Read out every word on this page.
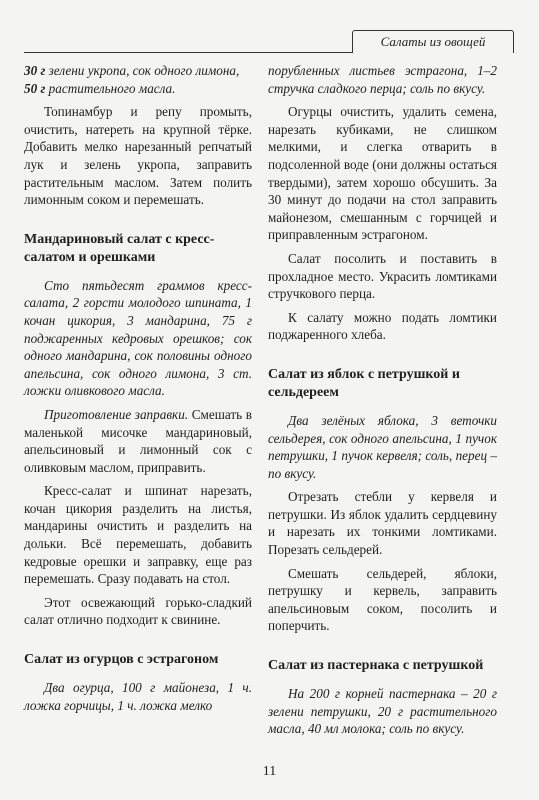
Салаты из овощей

30 г зелени укропа, сок одного лимона,
50 г растительного масла.

Топинамбур и репу промыть, очистить, натереть на крупной тёрке. Добавить мелко нарезанный репчатый лук и зелень укропа, заправить растительным маслом. Затем полить лимонным соком и перемешать.

Мандариновый салат с кресс-салатом и орешками

Сто пятьдесят граммов кресс-салата, 2 горсти молодого шпината, 1 кочан цикория, 3 мандарина, 75 г поджаренных кедровых орешков; сок одного мандарина, сок половины одного апельсина, сок одного лимона, 3 ст. ложки оливкового масла.

Приготовление заправки. Смешать в маленькой мисочке мандариновый, апельсиновый и лимонный сок с оливковым маслом, приправить.

Кресс-салат и шпинат нарезать, кочан цикория разделить на листья, мандарины очистить и разделить на дольки. Всё перемешать, добавить кедровые орешки и заправку, еще раз перемешать. Сразу подавать на стол.

Этот освежающий горько-сладкий салат отлично подходит к свинине.

Салат из огурцов с эстрагоном

Два огурца, 100 г майонеза, 1 ч. ложка горчицы, 1 ч. ложка мелко

порубленных листьев эстрагона, 1–2 стручка сладкого перца; соль по вкусу.

Огурцы очистить, удалить семена, нарезать кубиками, не слишком мелкими, и слегка отварить в подсоленной воде (они должны остаться твердыми), затем хорошо обсушить. За 30 минут до подачи на стол заправить майонезом, смешанным с горчицей и приправленным эстрагоном.

Салат посолить и поставить в прохладное место. Украсить ломтиками стручкового перца.

К салату можно подать ломтики поджаренного хлеба.

Салат из яблок с петрушкой и сельдереем

Два зелёных яблока, 3 веточки сельдерея, сок одного апельсина, 1 пучок петрушки, 1 пучок кервеля; соль, перец – по вкусу.

Отрезать стебли у кервеля и петрушки. Из яблок удалить сердцевину и нарезать их тонкими ломтиками. Порезать сельдерей.

Смешать сельдерей, яблоки, петрушку и кервель, заправить апельсиновым соком, посолить и поперчить.

Салат из пастернака с петрушкой

На 200 г корней пастернака – 20 г зелени петрушки, 20 г растительного масла, 40 мл молока; соль по вкусу.

11
